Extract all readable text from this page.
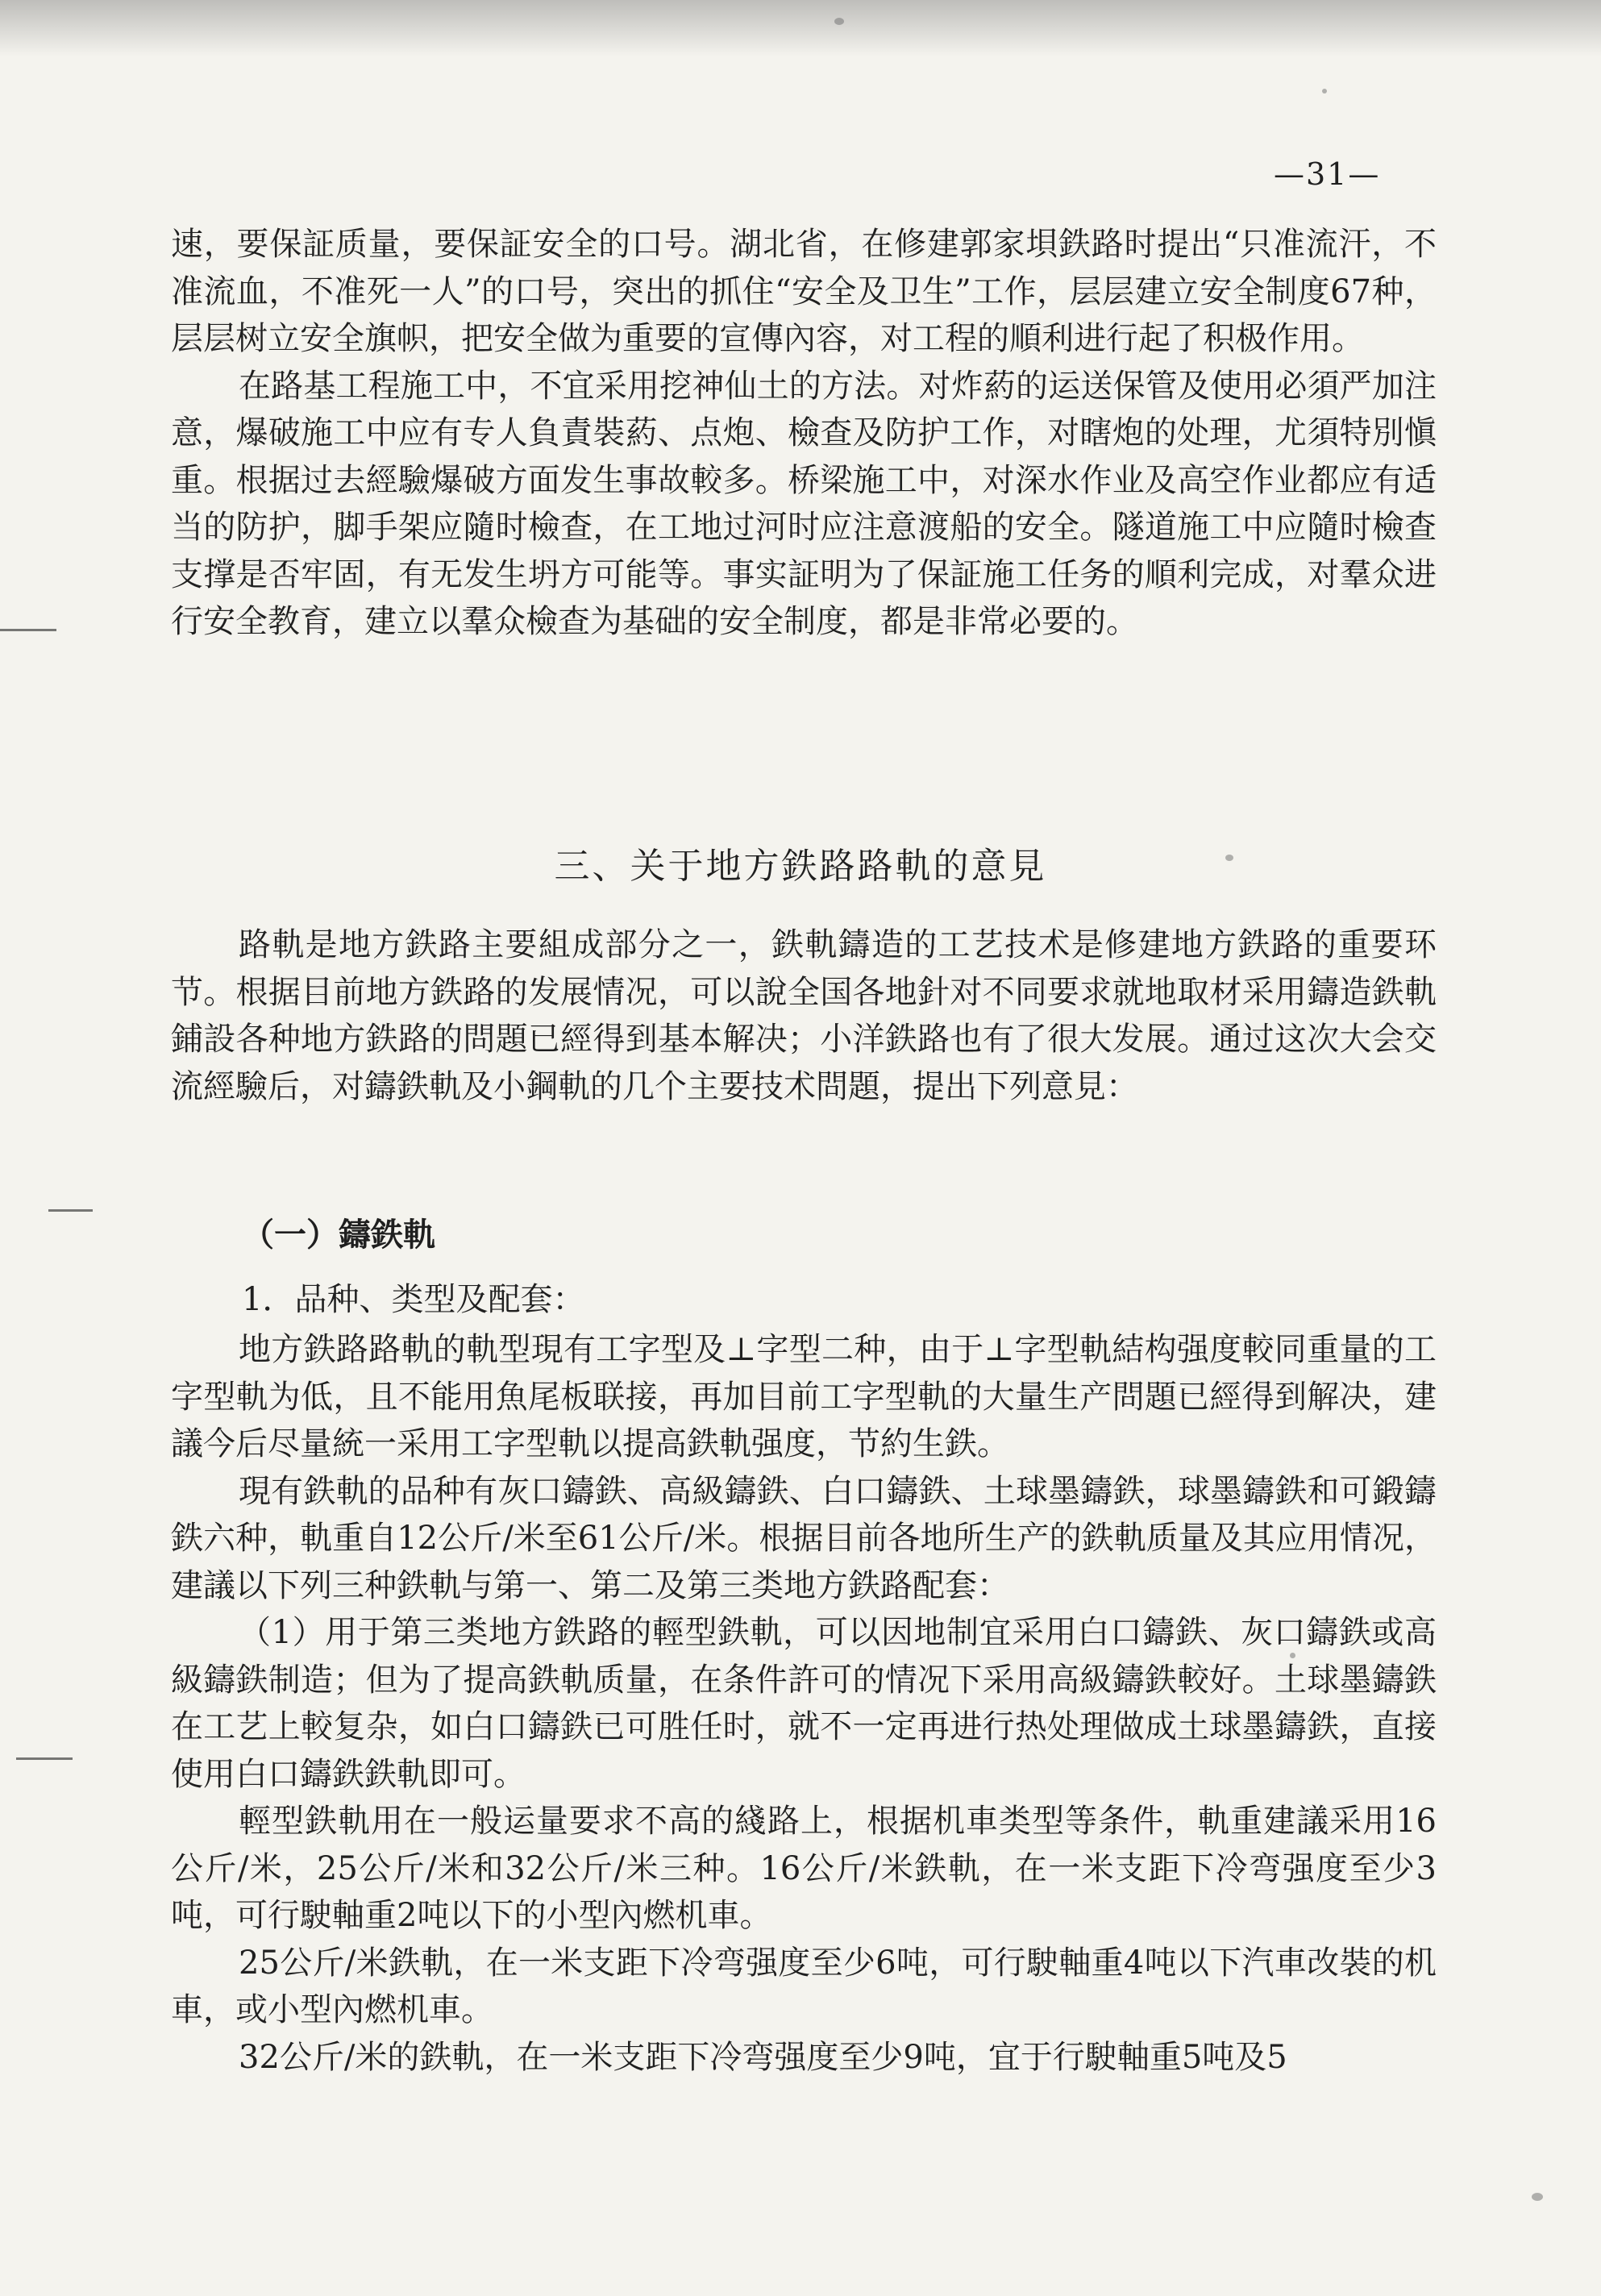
—31—

速，要保証质量，要保証安全的口号。湖北省，在修建郭家垻鉄路时提出“只准流汗，不准流血，不准死一人”的口号，突出的抓住“安全及卫生”工作，层层建立安全制度67种，层层树立安全旗帜，把安全做为重要的宣傳內容，对工程的順利进行起了积极作用。

在路基工程施工中，不宜采用挖神仙土的方法。对炸葯的运送保管及使用必須严加注意，爆破施工中应有专人負責裝葯、点炮、檢查及防护工作，对瞎炮的处理，尤須特別愼重。根据过去經驗爆破方面发生事故較多。桥梁施工中，对深水作业及高空作业都应有适当的防护，脚手架应隨时檢查，在工地过河时应注意渡船的安全。隧道施工中应隨时檢查支撑是否牢固，有无发生坍方可能等。事实証明为了保証施工任务的順利完成，对羣众进行安全教育，建立以羣众檢查为基础的安全制度，都是非常必要的。

三、关于地方鉄路路軌的意見

路軌是地方鉄路主要組成部分之一，鉄軌鑄造的工艺技术是修建地方鉄路的重要环节。根据目前地方鉄路的发展情况，可以說全国各地針对不同要求就地取材采用鑄造鉄軌鋪設各种地方鉄路的問題已經得到基本解决；小洋鉄路也有了很大发展。通过这次大会交流經驗后，对鑄鉄軌及小鋼軌的几个主要技术問題，提出下列意見：

（一）鑄鉄軌
1．品种、类型及配套：

地方鉄路路軌的軌型現有工字型及⊥字型二种，由于⊥字型軌結构强度較同重量的工字型軌为低，且不能用魚尾板联接，再加目前工字型軌的大量生产問題已經得到解决，建議今后尽量統一采用工字型軌以提高鉄軌强度，节約生鉄。

現有鉄軌的品种有灰口鑄鉄、高級鑄鉄、白口鑄鉄、土球墨鑄鉄，球墨鑄鉄和可鍛鑄鉄六种，軌重自12公斤/米至61公斤/米。根据目前各地所生产的鉄軌质量及其应用情况，建議以下列三种鉄軌与第一、第二及第三类地方鉄路配套：

（1）用于第三类地方鉄路的輕型鉄軌，可以因地制宜采用白口鑄鉄、灰口鑄鉄或高級鑄鉄制造；但为了提高鉄軌质量，在条件許可的情况下采用高級鑄鉄較好。土球墨鑄鉄在工艺上較复杂，如白口鑄鉄已可胜任时，就不一定再进行热处理做成土球墨鑄鉄，直接使用白口鑄鉄鉄軌即可。

輕型鉄軌用在一般运量要求不高的綫路上，根据机車类型等条件，軌重建議采用16公斤/米，25公斤/米和32公斤/米三种。16公斤/米鉄軌，在一米支距下冷弯强度至少3吨，可行駛軸重2吨以下的小型內燃机車。

25公斤/米鉄軌，在一米支距下冷弯强度至少6吨，可行駛軸重4吨以下汽車改裝的机車，或小型內燃机車。

32公斤/米的鉄軌，在一米支距下冷弯强度至少9吨，宜于行駛軸重5吨及5
